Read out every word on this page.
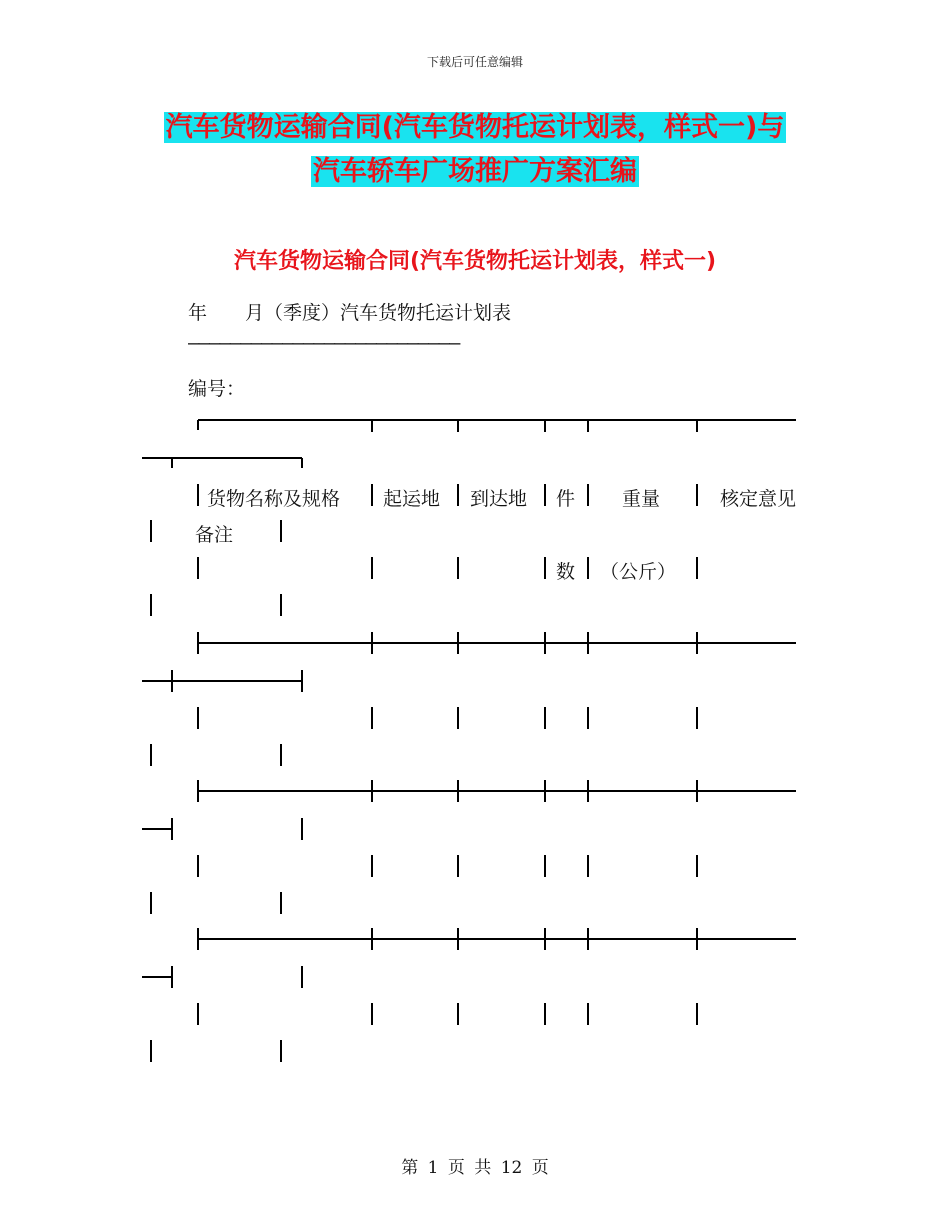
下载后可任意编辑
汽车货物运输合同(汽车货物托运计划表，样式一)与
汽车轿车广场推广方案汇编
汽车货物运输合同(汽车货物托运计划表，样式一)
年　　月（季度）汽车货物托运计划表
——————————————————————————
编号：
货物名称及规格 起运地 到达地 件 重量	核定意见
备注
数 （公斤）
第 1 页 共 12 页
